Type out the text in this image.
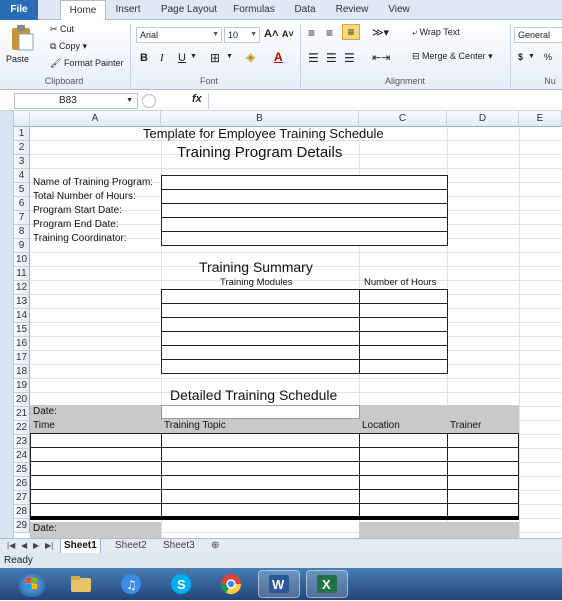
File	Home	Insert	Page Layout	Formulas	Data	Review	View
Paste
✂ Cut
⧉ Copy ▾
🖌 Format Painter
Clipboard
Arial	▼	10 ▼ A˄ A˅
B I U ▼ ⊞ ▼ ◈ A
Font
≡ ≡	≡	≫▾
☰ ☰ ☰ ⇤⇥
⤶ Wrap Text
⊟ Merge & Center ▾
Alignment
General
$ ▼ %
Nu
B83	▼	fx
A	B	C	D	E
1
2
3
4
5
6
7
8
9
10
11
12
13
14
15
16
17
18
19
20
21
22
23
24
25
26
27
28
29
Template for Employee Training Schedule
Training Program Details
Name of Training Program:
Total Number of Hours:
Program Start Date:
Program End Date:
Training Coordinator:
Training Summary
Training Modules	Number of Hours
Detailed Training Schedule
Date:
Time	Training Topic	Location	Trainer
Date:
|◀ ◀ ▶ ▶|	Sheet1	Sheet2	Sheet3	⊕
Ready
♫	S	W	X
